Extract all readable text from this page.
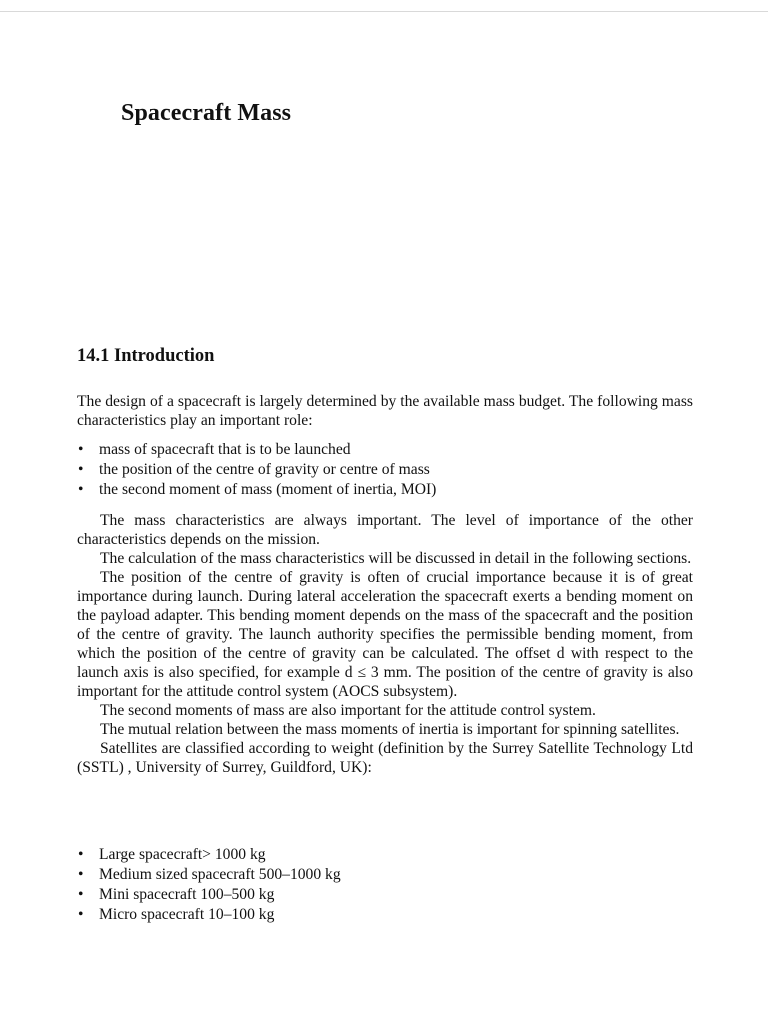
Spacecraft Mass
14.1 Introduction

The design of a spacecraft is largely determined by the available mass budget. The following mass characteristics play an important role:

• mass of spacecraft that is to be launched
• the position of the centre of gravity or centre of mass
• the second moment of mass (moment of inertia, MOI)

The mass characteristics are always important. The level of importance of the other characteristics depends on the mission.

The calculation of the mass characteristics will be discussed in detail in the following sections.

The position of the centre of gravity is often of crucial importance because it is of great importance during launch. During lateral acceleration the spacecraft exerts a bending moment on the payload adapter. This bending moment depends on the mass of the spacecraft and the position of the centre of gravity. The launch authority specifies the permissible bending moment, from which the position of the centre of gravity can be calculated. The offset d with respect to the launch axis is also specified, for example d ≤ 3 mm. The position of the centre of gravity is also important for the attitude control system (AOCS subsystem).

The second moments of mass are also important for the attitude control system.

The mutual relation between the mass moments of inertia is important for spinning satellites.

Satellites are classified according to weight (definition by the Surrey Satellite Technology Ltd (SSTL) , University of Surrey, Guildford, UK):

• Large spacecraft> 1000 kg
• Medium sized spacecraft 500–1000 kg
• Mini spacecraft 100–500 kg
• Micro spacecraft 10–100 kg
